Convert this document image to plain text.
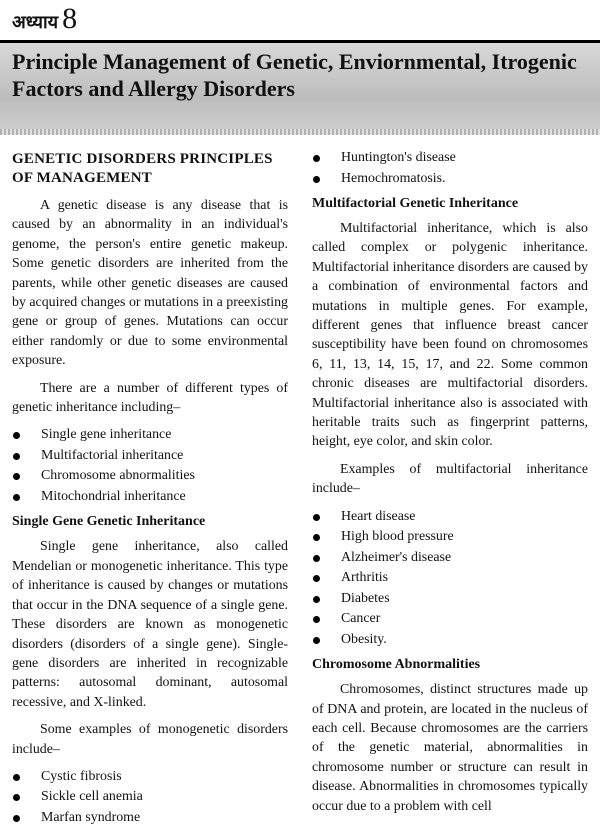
अध्याय 8
Principle Management of Genetic, Enviornmental, Itrogenic Factors and Allergy Disorders
GENETIC DISORDERS PRINCIPLES OF MANAGEMENT

A genetic disease is any disease that is caused by an abnormality in an individual's genome, the person's entire genetic makeup. Some genetic disorders are inherited from the parents, while other genetic diseases are caused by acquired changes or mutations in a preexisting gene or group of genes. Mutations can occur either randomly or due to some environmental exposure.

There are a number of different types of genetic inheritance including–

Single gene inheritance
Multifactorial inheritance
Chromosome abnormalities
Mitochondrial inheritance
Single Gene Genetic Inheritance

Single gene inheritance, also called Mendelian or monogenetic inheritance. This type of inheritance is caused by changes or mutations that occur in the DNA sequence of a single gene. These disorders are known as monogenetic disorders (disorders of a single gene). Single-gene disorders are inherited in recognizable patterns: autosomal dominant, autosomal recessive, and X-linked.

Some examples of monogenetic disorders include–

Cystic fibrosis
Sickle cell anemia
Marfan syndrome
Huntington's disease
Hemochromatosis.
Multifactorial Genetic Inheritance

Multifactorial inheritance, which is also called complex or polygenic inheritance. Multifactorial inheritance disorders are caused by a combination of environmental factors and mutations in multiple genes. For example, different genes that influence breast cancer susceptibility have been found on chromosomes 6, 11, 13, 14, 15, 17, and 22. Some common chronic diseases are multifactorial disorders. Multifactorial inheritance also is associated with heritable traits such as fingerprint patterns, height, eye color, and skin color.

Examples of multifactorial inheritance include–

Heart disease
High blood pressure
Alzheimer's disease
Arthritis
Diabetes
Cancer
Obesity.
Chromosome Abnormalities

Chromosomes, distinct structures made up of DNA and protein, are located in the nucleus of each cell. Because chromosomes are the carriers of the genetic material, abnormalities in chromosome number or structure can result in disease. Abnormalities in chromosomes typically occur due to a problem with cell
